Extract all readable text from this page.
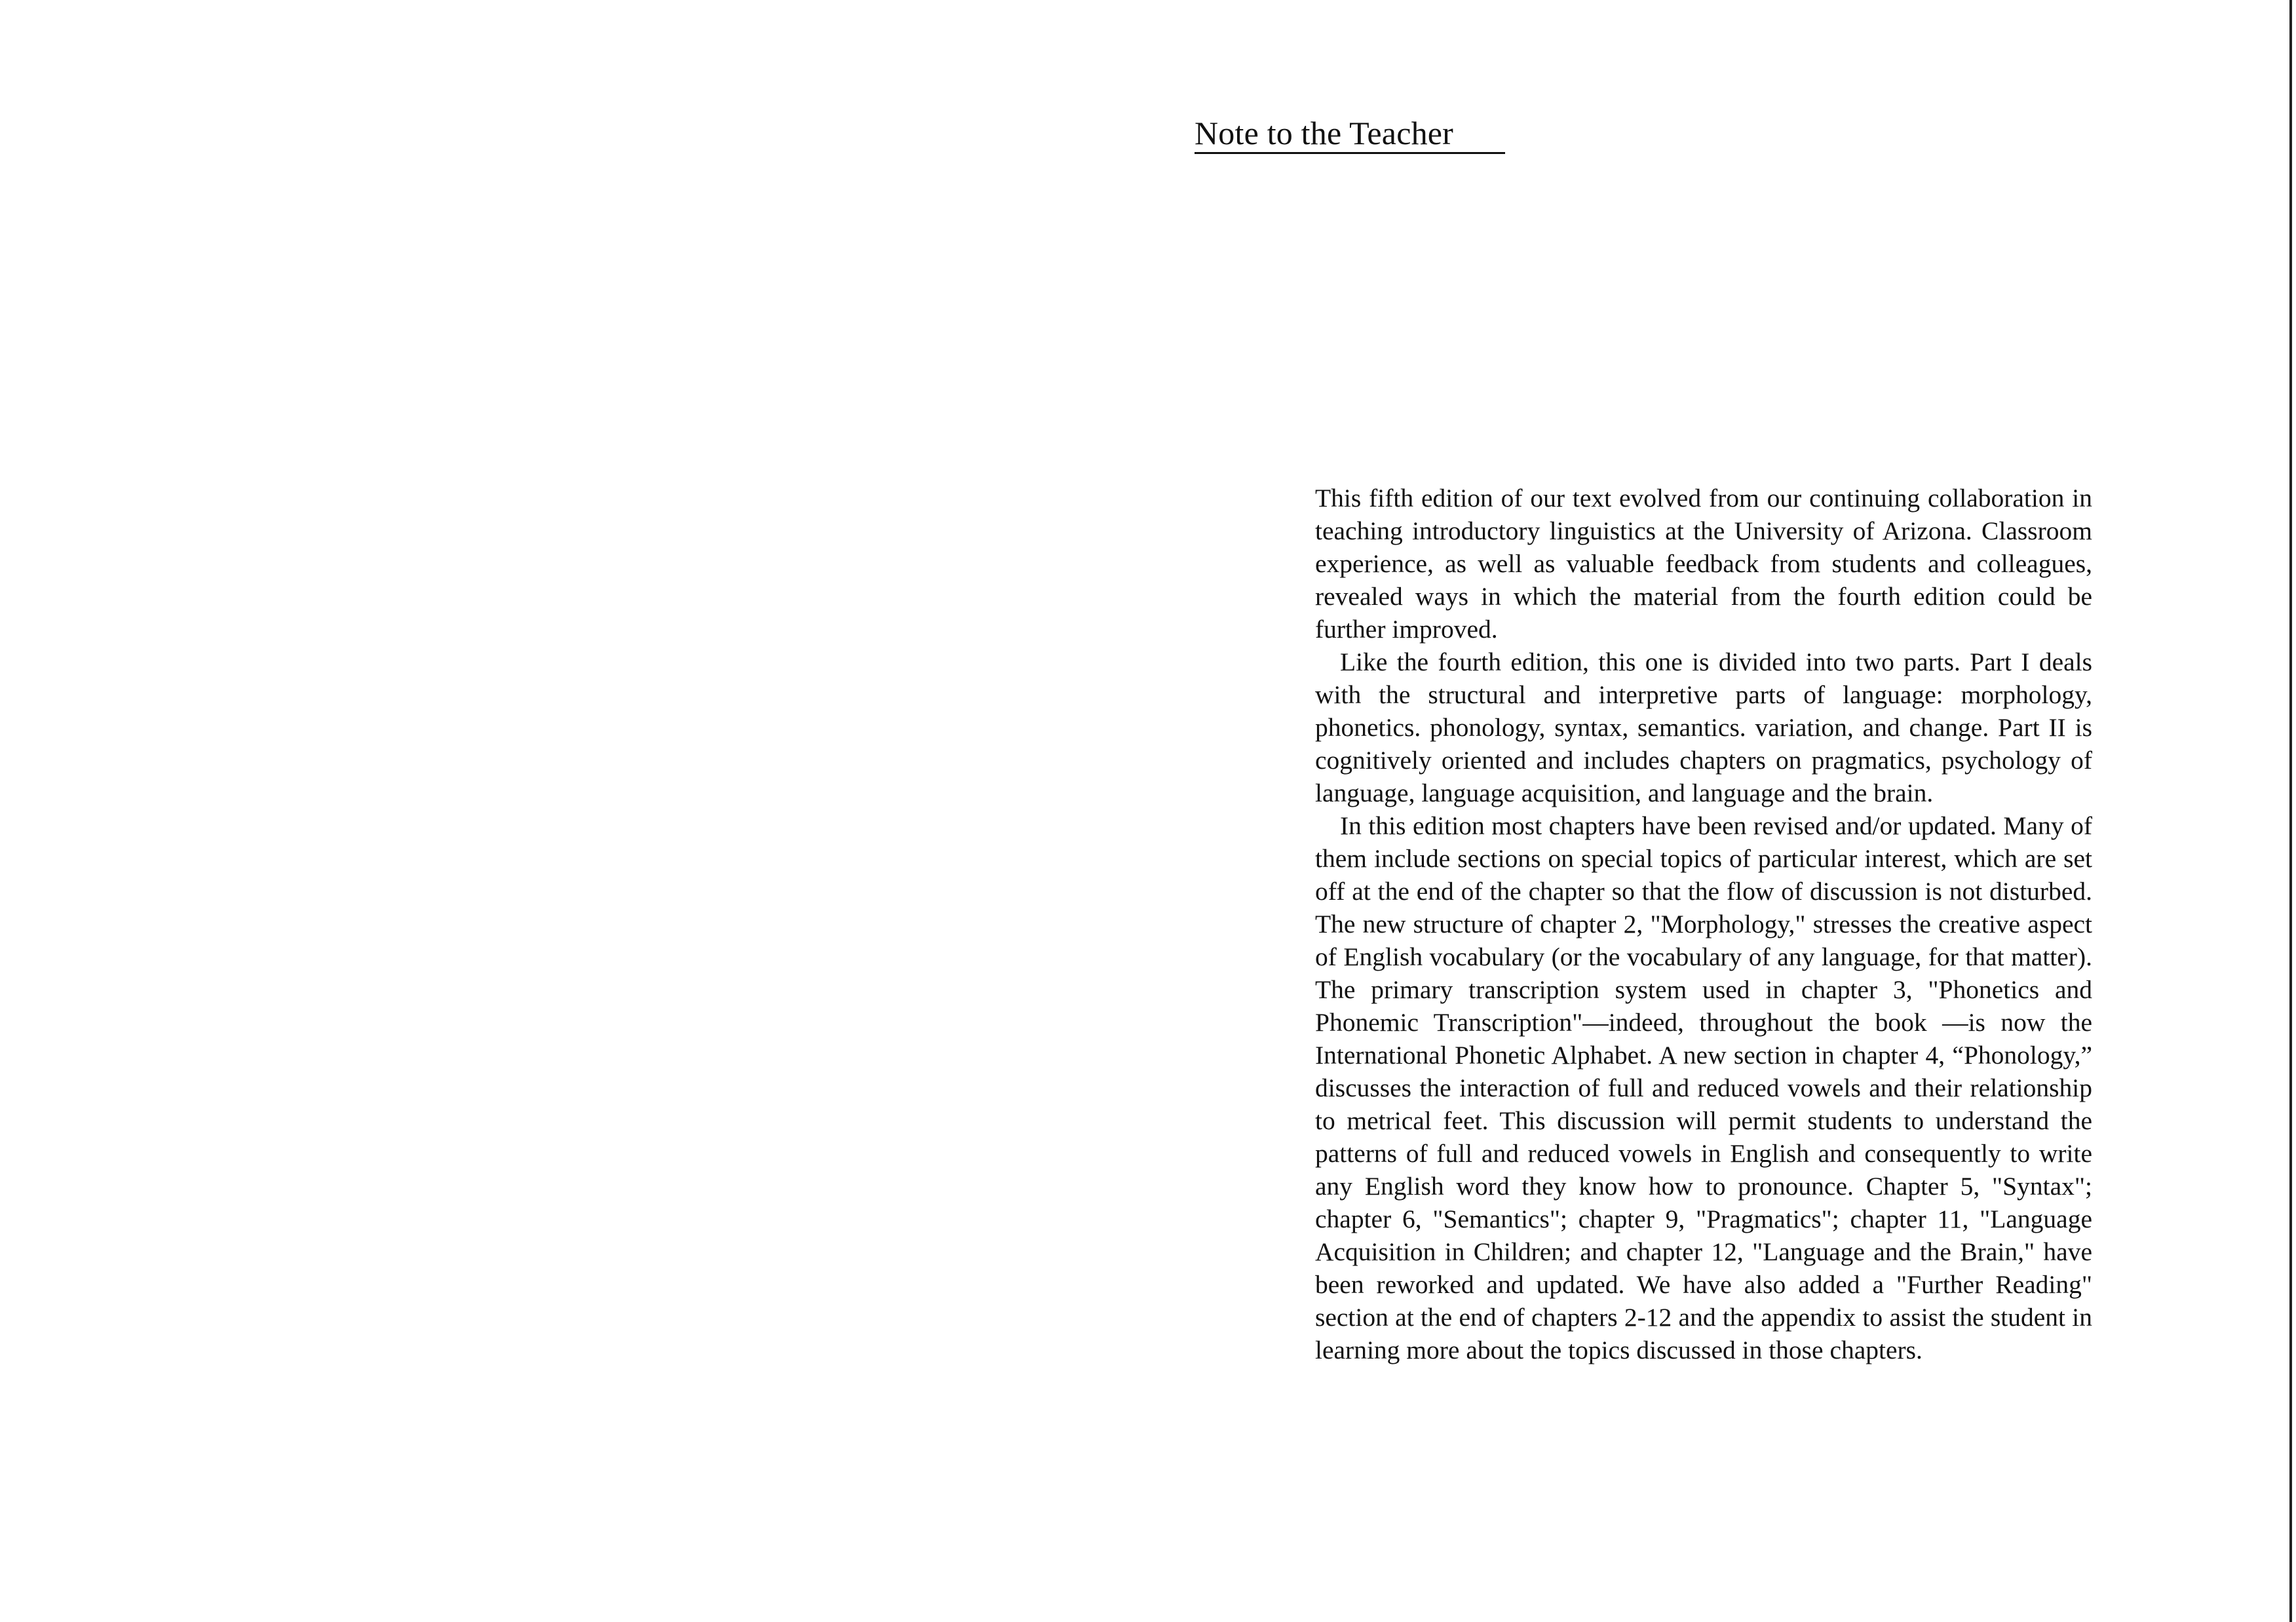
Note to the Teacher

This fifth edition of our text evolved from our continuing collaboration in teaching introductory linguistics at the University of Arizona. Classroom experience, as well as valuable feedback from students and colleagues, revealed ways in which the material from the fourth edition could be further improved.

Like the fourth edition, this one is divided into two parts. Part I deals with the structural and interpretive parts of language: morphology, phonetics. phonology, syntax, semantics. variation, and change. Part II is cognitively oriented and includes chapters on pragmatics, psychology of language, language acquisition, and language and the brain.

In this edition most chapters have been revised and/or updated. Many of them include sections on special topics of particular interest, which are set off at the end of the chapter so that the flow of discussion is not disturbed. The new structure of chapter 2, "Morphology," stresses the creative aspect of English vocabulary (or the vocabulary of any language, for that matter). The primary transcription system used in chapter 3, "Phonetics and Phonemic Transcription"—indeed, throughout the book —is now the International Phonetic Alphabet. A new section in chapter 4, “Phonology,” discusses the interaction of full and reduced vowels and their relationship to metrical feet. This discussion will permit students to understand the patterns of full and reduced vowels in English and consequently to write any English word they know how to pronounce. Chapter 5, "Syntax"; chapter 6, "Semantics"; chapter 9, "Pragmatics"; chapter 11, "Language Acquisition in Children; and chapter 12, "Language and the Brain," have been reworked and updated. We have also added a "Further Reading" section at the end of chapters 2-12 and the appendix to assist the student in learning more about the topics discussed in those chapters.
